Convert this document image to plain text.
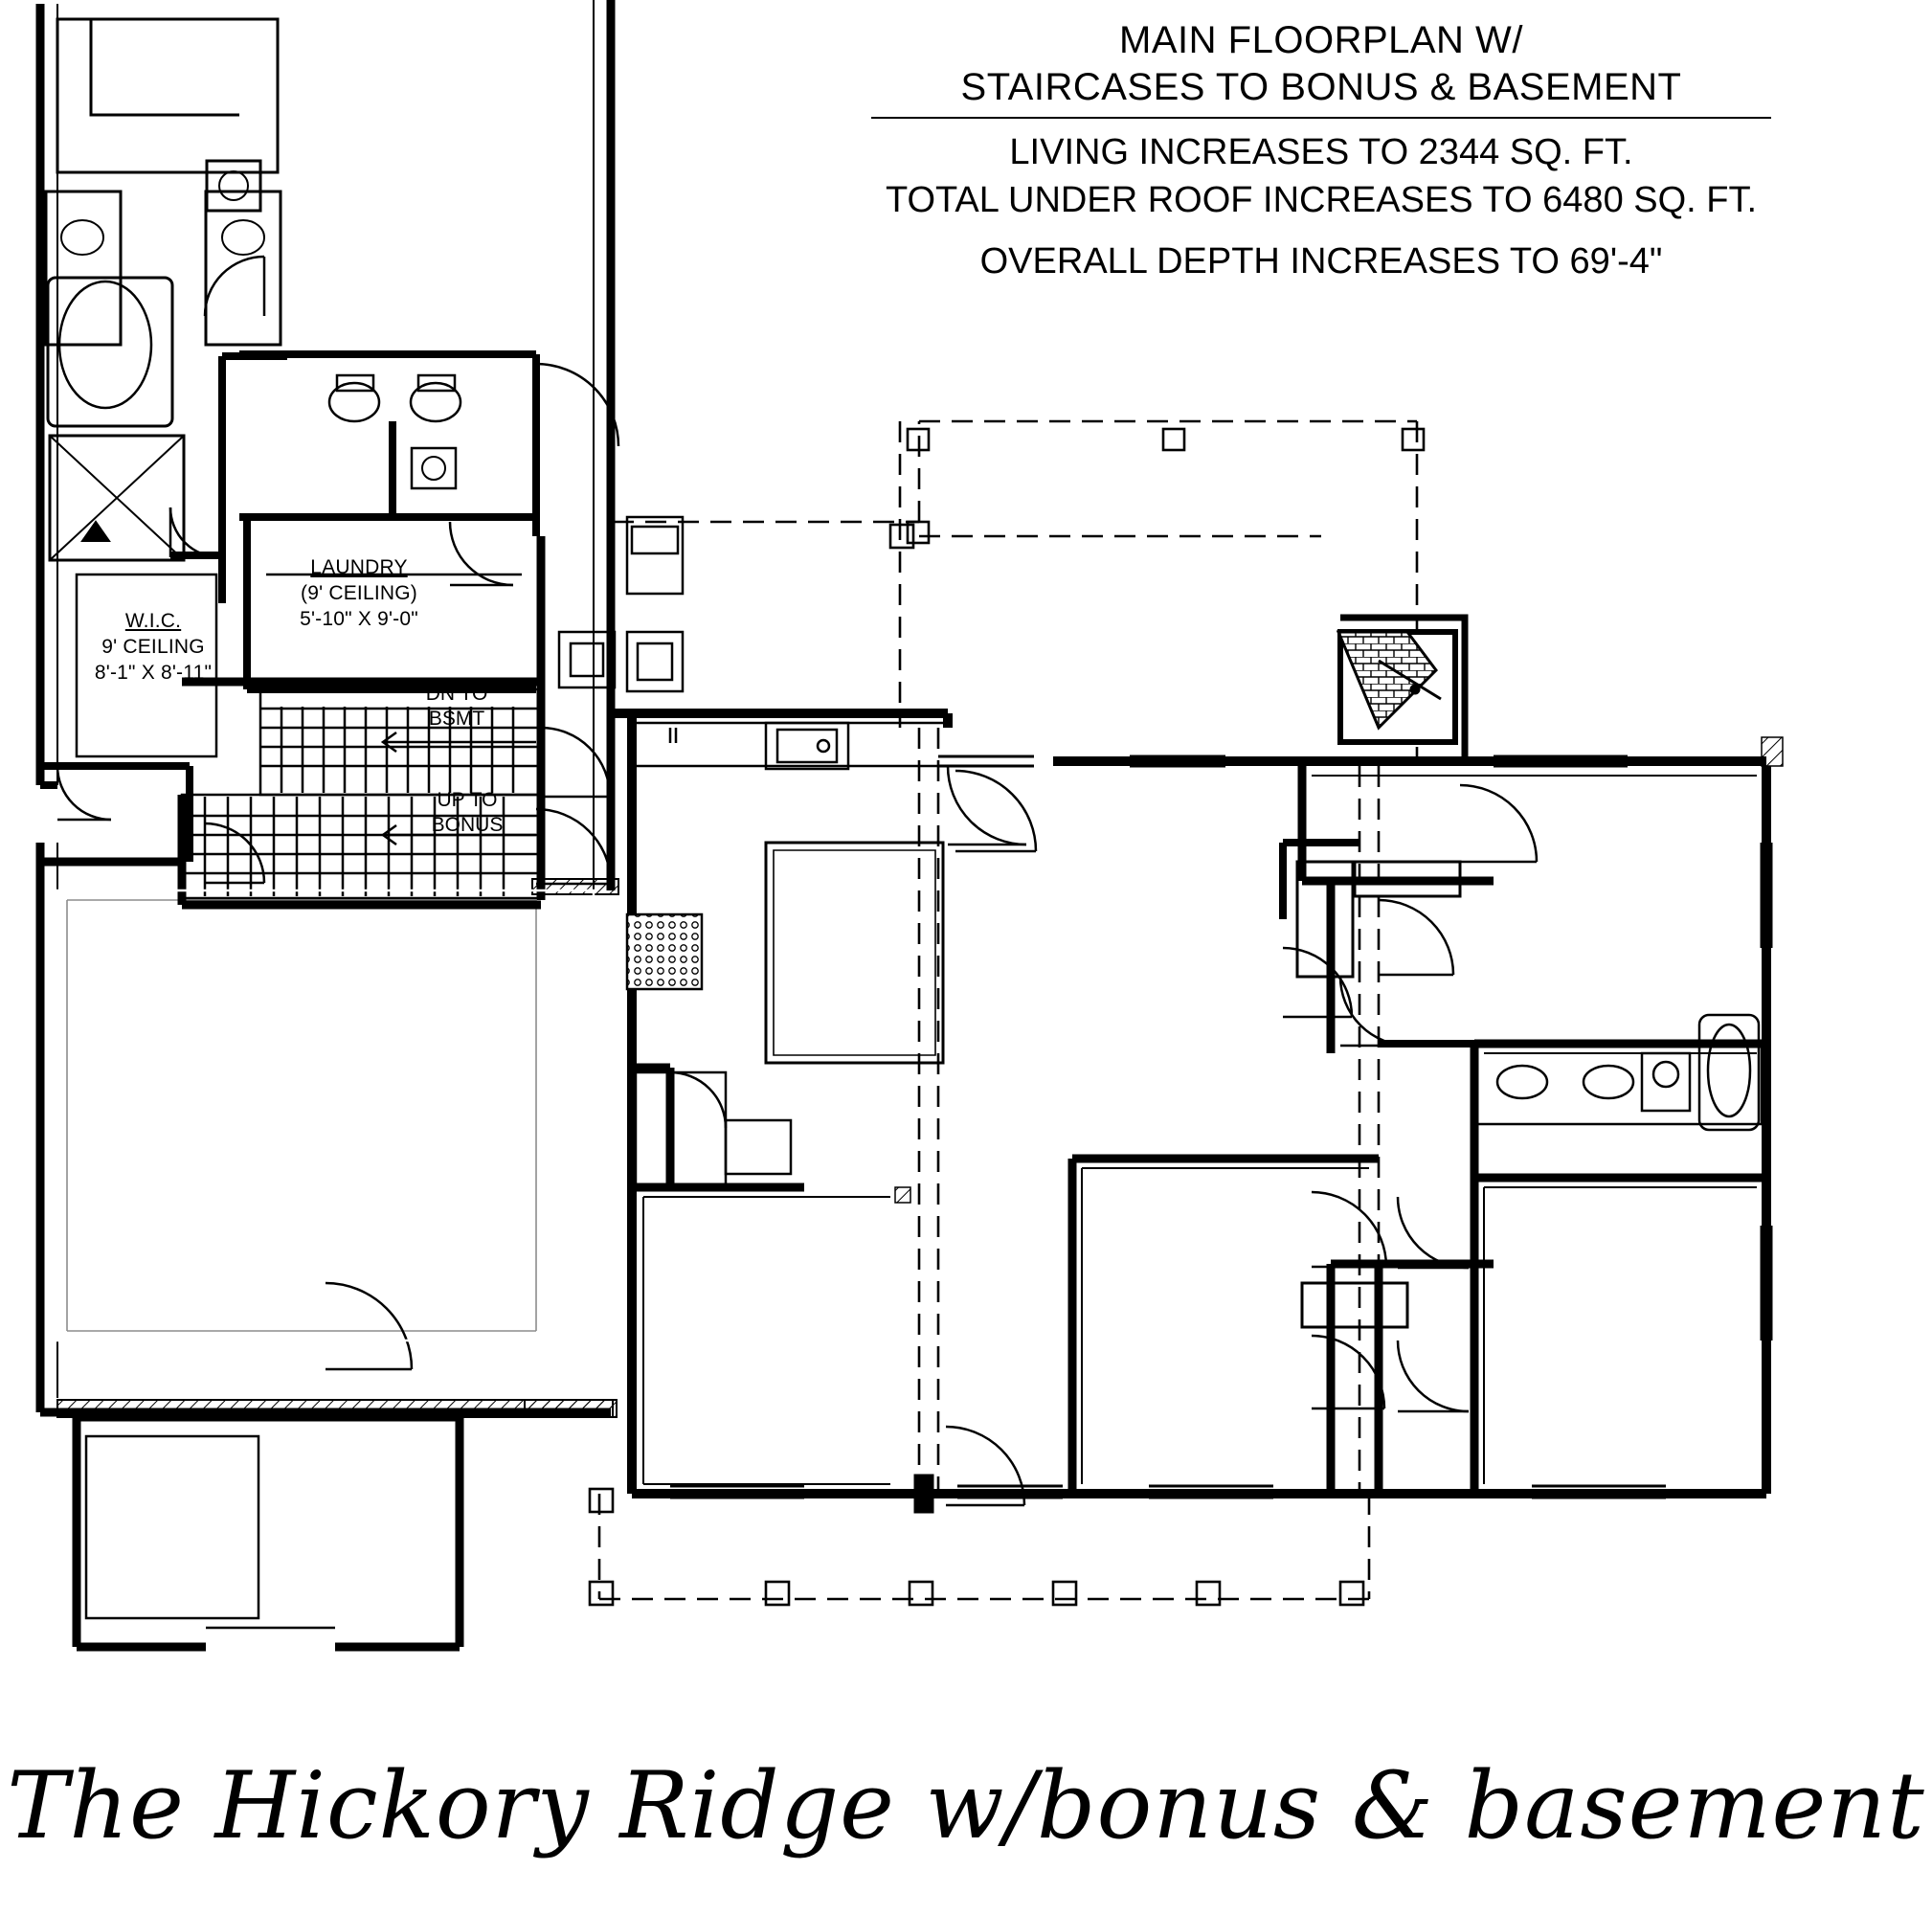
MAIN FLOORPLAN W/
STAIRCASES TO BONUS & BASEMENT
LIVING INCREASES TO 2344 SQ. FT.
TOTAL UNDER ROOF INCREASES TO 6480 SQ. FT.
OVERALL DEPTH INCREASES TO 69'-4"
W.I.C.
9' CEILING
8'-1" X 8'-11"
LAUNDRY
(9' CEILING)
5'-10" X 9'-0"
DN TO
BSMT
UP TO
BONUS
The Hickory Ridge w/bonus & basement
